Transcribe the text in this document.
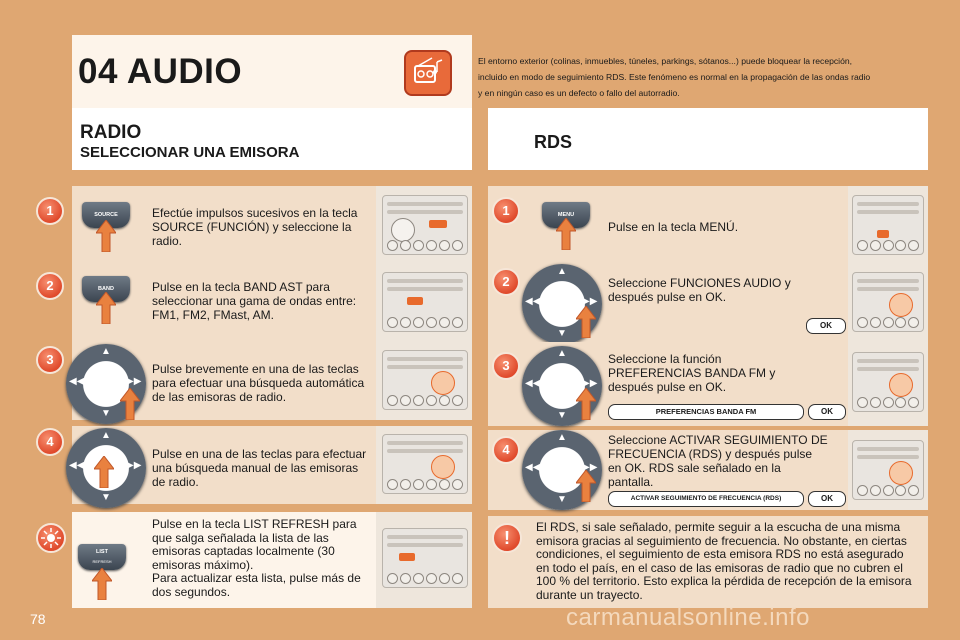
04 AUDIO	El entorno exterior (colinas, inmuebles, túneles, parkings, sótanos...) puede bloquear la recepción, incluido en modo de seguimiento RDS. Este fenómeno es normal en la propagación de las ondas radio y en ningún caso es un defecto o fallo del autorradio.
RADIO
SELECCIONAR UNA EMISORA
RDS
1	SOURCE	Efectúe impulsos sucesivos en la tecla SOURCE (FUNCIÓN) y seleccione la radio.
2	BAND	Pulse en la tecla BAND AST para seleccionar una gama de ondas entre: FM1, FM2, FMast, AM.
3
▲
▼
◀◀	▶▶
Pulse brevemente en una de las teclas para efectuar una búsqueda automática de las emisoras de radio.
4	▲
▼
◀◀	▶▶
Pulse en una de las teclas para efectuar una búsqueda manual de las emisoras de radio.
LIST
REFRESH
Pulse en la tecla LIST REFRESH para que salga señalada la lista de las emisoras captadas localmente (30 emisoras máximo).
Para actualizar esta lista, pulse más de dos segundos.
1	MENU
Pulse en la tecla MENÚ.
2
▲
▼
◀◀	▶▶
Seleccione FUNCIONES AUDIO y después pulse en OK.
OK
3
▲
▼
◀◀	▶▶
Seleccione la función PREFERENCIAS BANDA FM y después pulse en OK.
PREFERENCIAS BANDA FM	OK
4
▲
▼
◀◀	▶▶
Seleccione ACTIVAR SEGUIMIENTO DE FRECUENCIA (RDS) y después pulse en OK. RDS sale señalado en la pantalla.
ACTIVAR SEGUIMIENTO DE FRECUENCIA (RDS)	OK
!
El RDS, si sale señalado, permite seguir a la escucha de una misma emisora gracias al seguimiento de frecuencia. No obstante, en ciertas condiciones, el seguimiento de esta emisora RDS no está asegurado en todo el país, en el caso de las emisoras de radio que no cubren el 100 % del territorio. Esto explica la pérdida de recepción de la emisora durante un trayecto.
78	carmanualsonline.info
